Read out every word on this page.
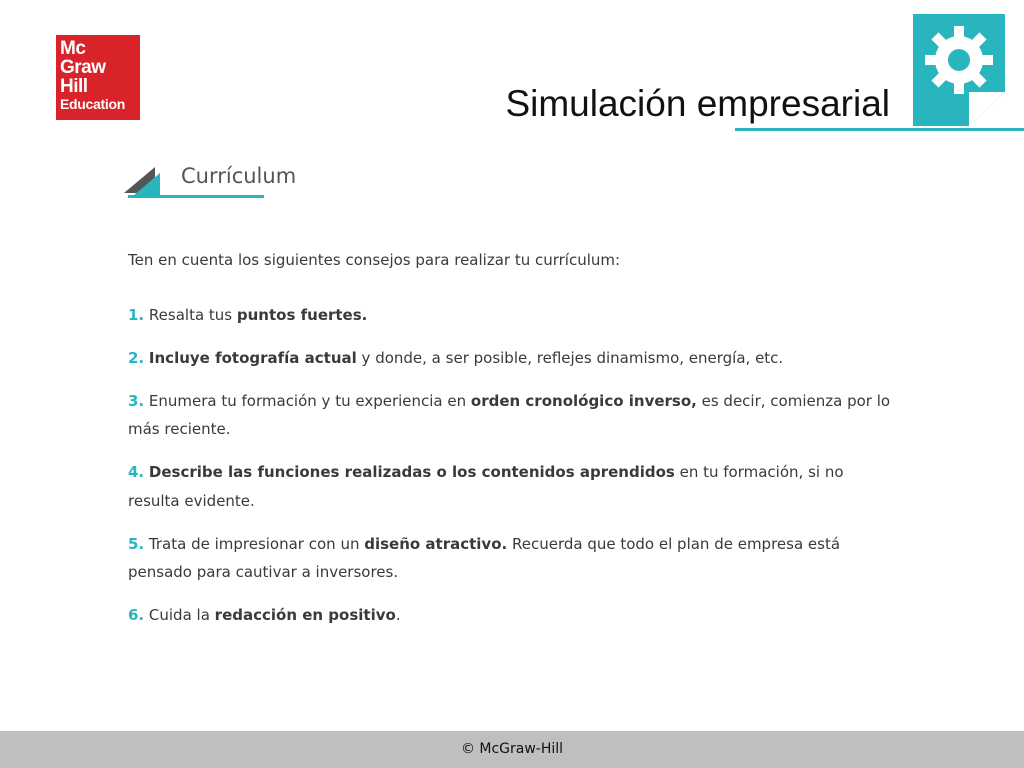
Mc
Graw
Hill
Education	Simulación empresarial
Currículum

Ten en cuenta los siguientes consejos para realizar tu currículum:

1. Resalta tus puntos fuertes.

2. Incluye fotografía actual y donde, a ser posible, reflejes dinamismo, energía, etc.

3. Enumera tu formación y tu experiencia en orden cronológico inverso, es decir, comienza por lo más reciente.

4. Describe las funciones realizadas o los contenidos aprendidos en tu formación, si no resulta evidente.

5. Trata de impresionar con un diseño atractivo. Recuerda que todo el plan de empresa está pensado para cautivar a inversores.

6. Cuida la redacción en positivo.

© McGraw-Hill
